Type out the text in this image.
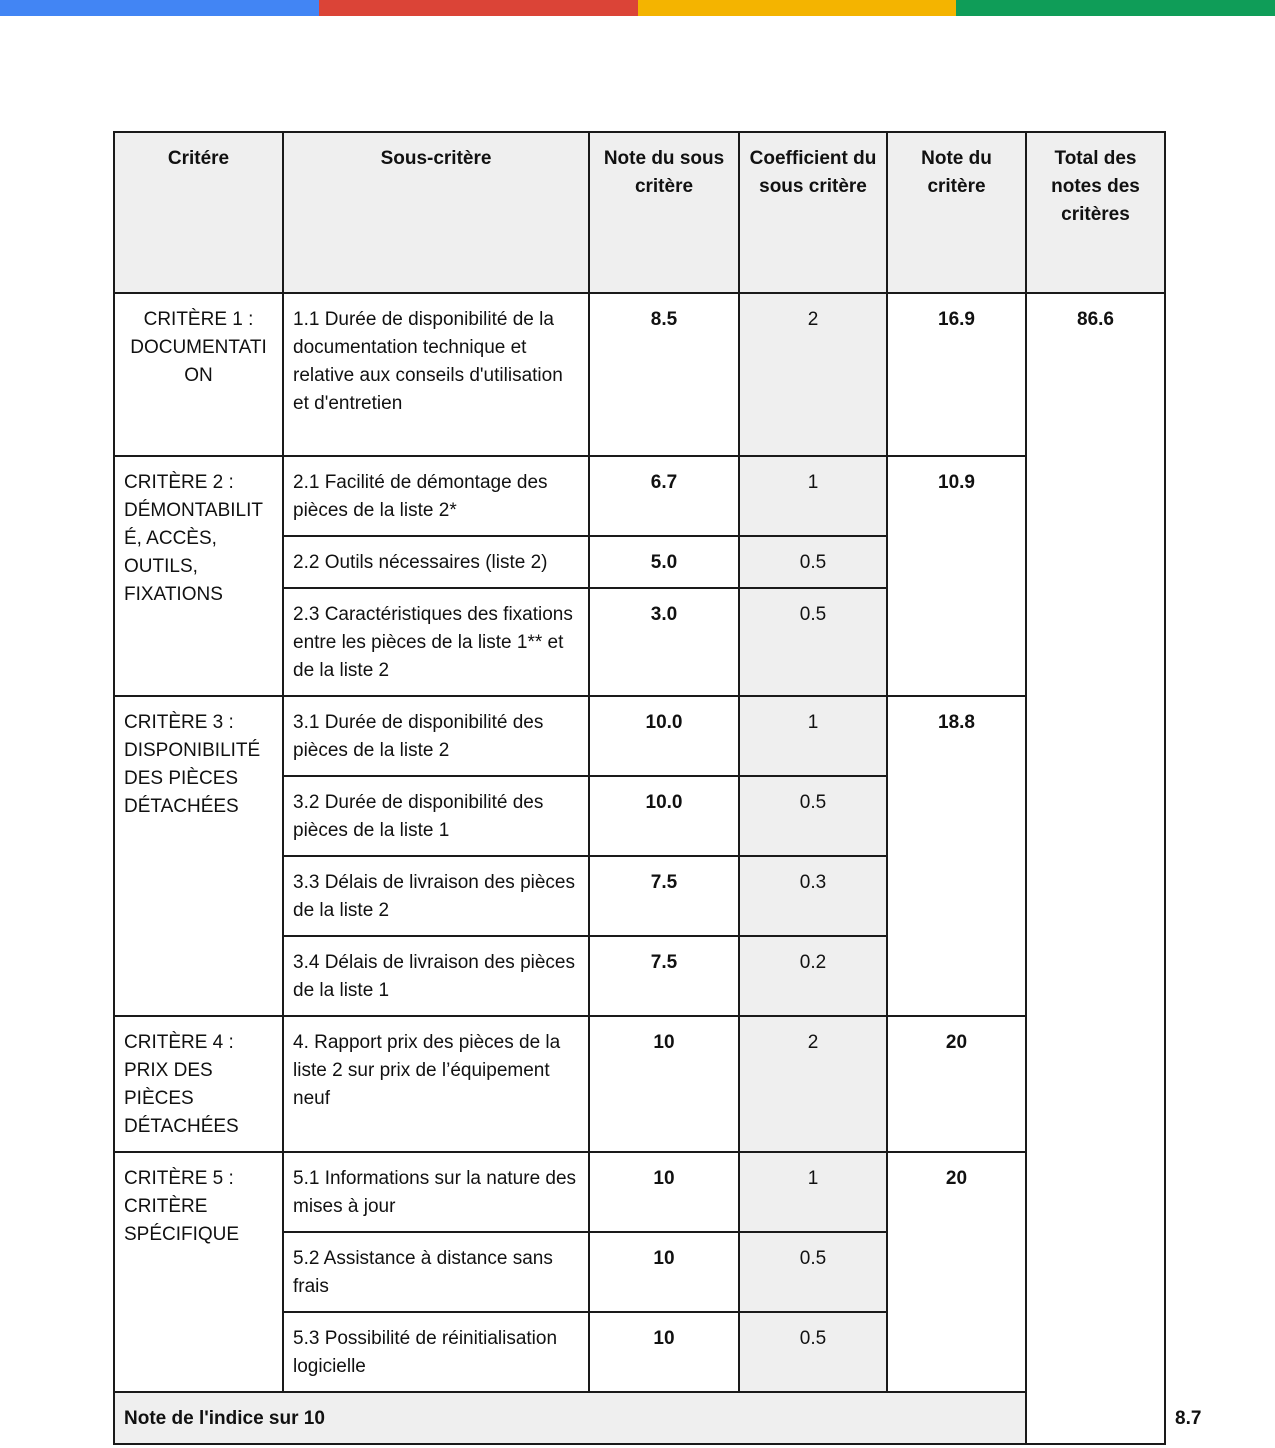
Critére	Sous-critère	Note du sous critère	Coefficient du sous critère	Note du critère	Total des notes des critères	
CRITÈRE 1 : DOCUMENTATI ON	1.1 Durée de disponibilité de la documentation technique et relative aux conseils d'utilisation et d'entretien	8.5	2	16.9	86.6	
CRITÈRE 2 : DÉMONTABILIT É, ACCÈS, OUTILS, FIXATIONS	2.1 Facilité de démontage des pièces de la liste 2*	6.7	1	10.9		
	2.2 Outils nécessaires (liste 2)	5.0	0.5			
	2.3 Caractéristiques des fixations entre les pièces de la liste 1** et de la liste 2	3.0	0.5			
CRITÈRE 3 : DISPONIBILITÉ DES PIÈCES DÉTACHÉES	3.1 Durée de disponibilité des pièces de la liste 2	10.0	1	18.8		
	3.2 Durée de disponibilité des pièces de la liste 1	10.0	0.5			
	3.3 Délais de livraison des pièces de la liste 2	7.5	0.3			
	3.4 Délais de livraison des pièces de la liste 1	7.5	0.2			
CRITÈRE 4 : PRIX DES PIÈCES DÉTACHÉES	4. Rapport prix des pièces de la liste 2 sur prix de l’équipement neuf	10	2	20		
CRITÈRE 5 : CRITÈRE SPÉCIFIQUE	5.1 Informations sur la nature des mises à jour	10	1	20		
	5.2 Assistance à distance sans frais	10	0.5			
	5.3 Possibilité de réinitialisation logicielle	10	0.5			
Note de l'indice sur 10						8.7
